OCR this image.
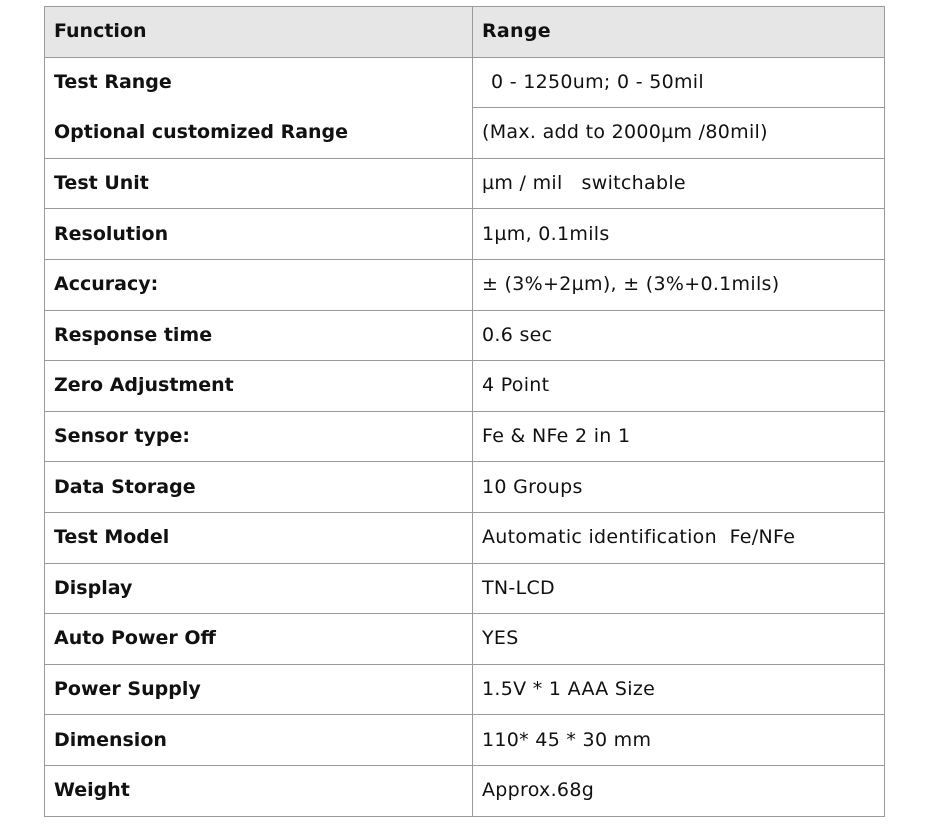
Function	Range
Test Range	0 - 1250um; 0 - 50mil
Optional customized Range	(Max. add to 2000µm /80mil)
Test Unit	µm / mil   switchable
Resolution	1µm, 0.1mils
Accuracy:	± (3%+2µm), ± (3%+0.1mils)
Response time	0.6 sec
Zero Adjustment	4 Point
Sensor type:	Fe & NFe 2 in 1
Data Storage	10 Groups
Test Model	Automatic identification  Fe/NFe
Display	TN-LCD
Auto Power Off	YES
Power Supply	1.5V * 1 AAA Size
Dimension	110* 45 * 30 mm
Weight	Approx.68g
